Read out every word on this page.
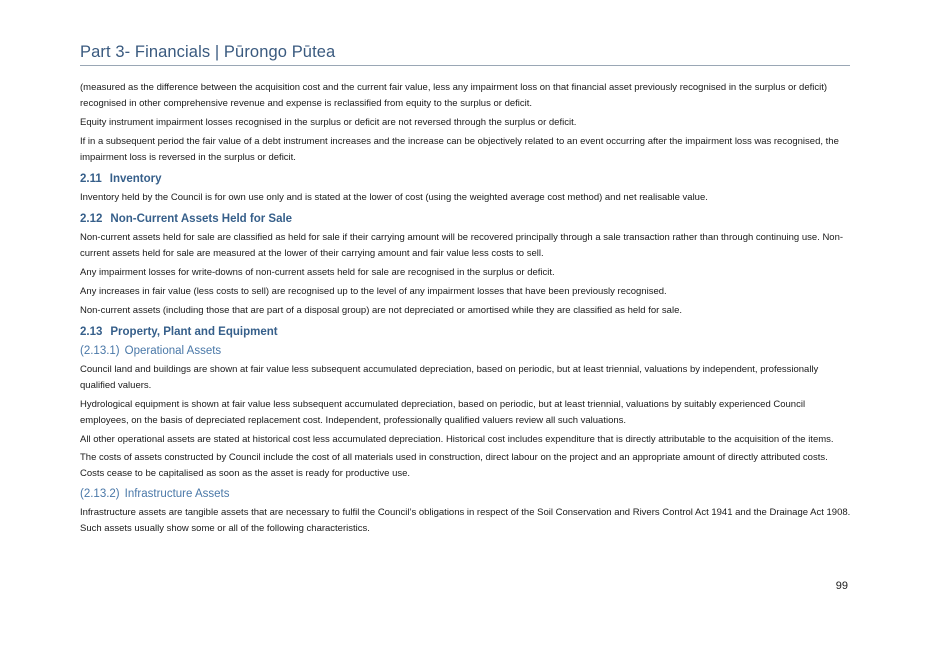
Part 3- Financials | Pūrongo Pūtea

(measured as the difference between the acquisition cost and the current fair value, less any impairment loss on that financial asset previously recognised in the surplus or deficit) recognised in other comprehensive revenue and expense is reclassified from equity to the surplus or deficit.

Equity instrument impairment losses recognised in the surplus or deficit are not reversed through the surplus or deficit.

If in a subsequent period the fair value of a debt instrument increases and the increase can be objectively related to an event occurring after the impairment loss was recognised, the impairment loss is reversed in the surplus or deficit.

2.11 Inventory

Inventory held by the Council is for own use only and is stated at the lower of cost (using the weighted average cost method) and net realisable value.

2.12 Non-Current Assets Held for Sale

Non-current assets held for sale are classified as held for sale if their carrying amount will be recovered principally through a sale transaction rather than through continuing use. Non-current assets held for sale are measured at the lower of their carrying amount and fair value less costs to sell.

Any impairment losses for write-downs of non-current assets held for sale are recognised in the surplus or deficit.

Any increases in fair value (less costs to sell) are recognised up to the level of any impairment losses that have been previously recognised.

Non-current assets (including those that are part of a disposal group) are not depreciated or amortised while they are classified as held for sale.

2.13 Property, Plant and Equipment
(2.13.1) Operational Assets

Council land and buildings are shown at fair value less subsequent accumulated depreciation, based on periodic, but at least triennial, valuations by independent, professionally qualified valuers.

Hydrological equipment is shown at fair value less subsequent accumulated depreciation, based on periodic, but at least triennial, valuations by suitably experienced Council employees, on the basis of depreciated replacement cost. Independent, professionally qualified valuers review all such valuations.

All other operational assets are stated at historical cost less accumulated depreciation. Historical cost includes expenditure that is directly attributable to the acquisition of the items.

The costs of assets constructed by Council include the cost of all materials used in construction, direct labour on the project and an appropriate amount of directly attributed costs. Costs cease to be capitalised as soon as the asset is ready for productive use.

(2.13.2) Infrastructure Assets

Infrastructure assets are tangible assets that are necessary to fulfil the Council’s obligations in respect of the Soil Conservation and Rivers Control Act 1941 and the Drainage Act 1908. Such assets usually show some or all of the following characteristics.

99
